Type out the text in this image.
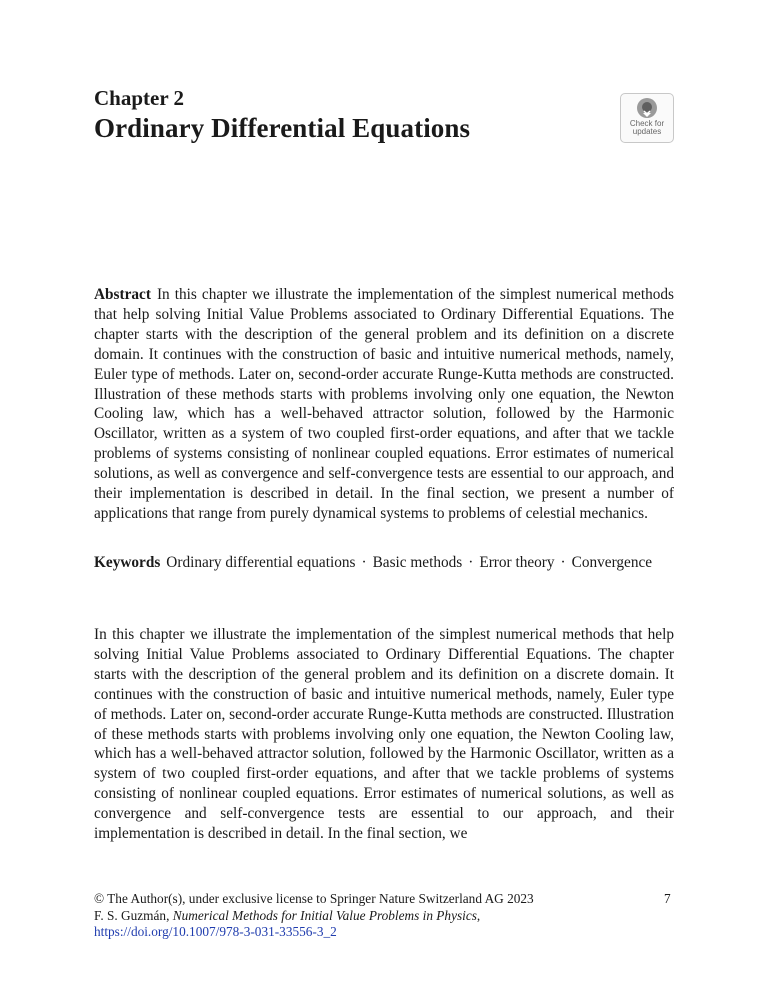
Chapter 2
Ordinary Differential Equations	Check for
updates
Abstract In this chapter we illustrate the implementation of the simplest numerical methods that help solving Initial Value Problems associated to Ordinary Differential Equations. The chapter starts with the description of the general problem and its definition on a discrete domain. It continues with the construction of basic and intuitive numerical methods, namely, Euler type of methods. Later on, second-order accurate Runge-Kutta methods are constructed. Illustration of these methods starts with problems involving only one equation, the Newton Cooling law, which has a well-behaved attractor solution, followed by the Harmonic Oscillator, written as a system of two coupled first-order equations, and after that we tackle problems of systems consisting of nonlinear coupled equations. Error estimates of numerical solutions, as well as convergence and self-convergence tests are essential to our approach, and their implementation is described in detail. In the final section, we present a number of applications that range from purely dynamical systems to problems of celestial mechanics.
Keywords Ordinary differential equations · Basic methods · Error theory · Convergence
In this chapter we illustrate the implementation of the simplest numerical methods that help solving Initial Value Problems associated to Ordinary Differential Equations. The chapter starts with the description of the general problem and its definition on a discrete domain. It continues with the construction of basic and intuitive numerical methods, namely, Euler type of methods. Later on, second-order accurate Runge-Kutta methods are constructed. Illustration of these methods starts with problems involving only one equation, the Newton Cooling law, which has a well-behaved attractor solution, followed by the Harmonic Oscillator, written as a system of two coupled first-order equations, and after that we tackle problems of systems consisting of nonlinear coupled equations. Error estimates of numerical solutions, as well as convergence and self-convergence tests are essential to our approach, and their implementation is described in detail. In the final section, we
© The Author(s), under exclusive license to Springer Nature Switzerland AG 2023
F. S. Guzmán, Numerical Methods for Initial Value Problems in Physics,
https://doi.org/10.1007/978-3-031-33556-3_2
7
